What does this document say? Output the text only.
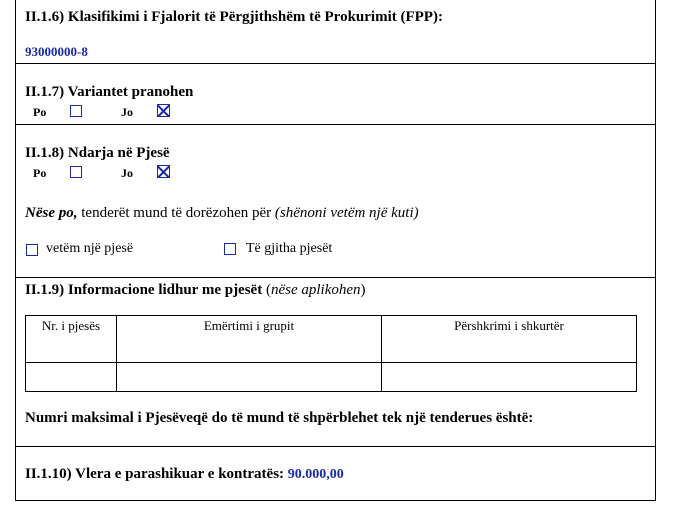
II.1.6) Klasifikimi i Fjalorit të Përgjithshëm të Prokurimit (FPP):
93000000-8
II.1.7) Variantet pranohen
Po	Jo
II.1.8) Ndarja në Pjesë
Po	Jo
Nëse po, tenderët mund të dorëzohen për (shënoni vetëm një kuti)
vetëm një pjesë	Të gjitha pjesët
II.1.9) Informacione lidhur me pjesët (nëse aplikohen)
Nr. i pjesës	Emërtimi i grupit	Përshkrimi i shkurtër

Numri maksimal i Pjesëveqë do të mund të shpërblehet tek një tenderues është:
II.1.10) Vlera e parashikuar e kontratës: 90.000,00
